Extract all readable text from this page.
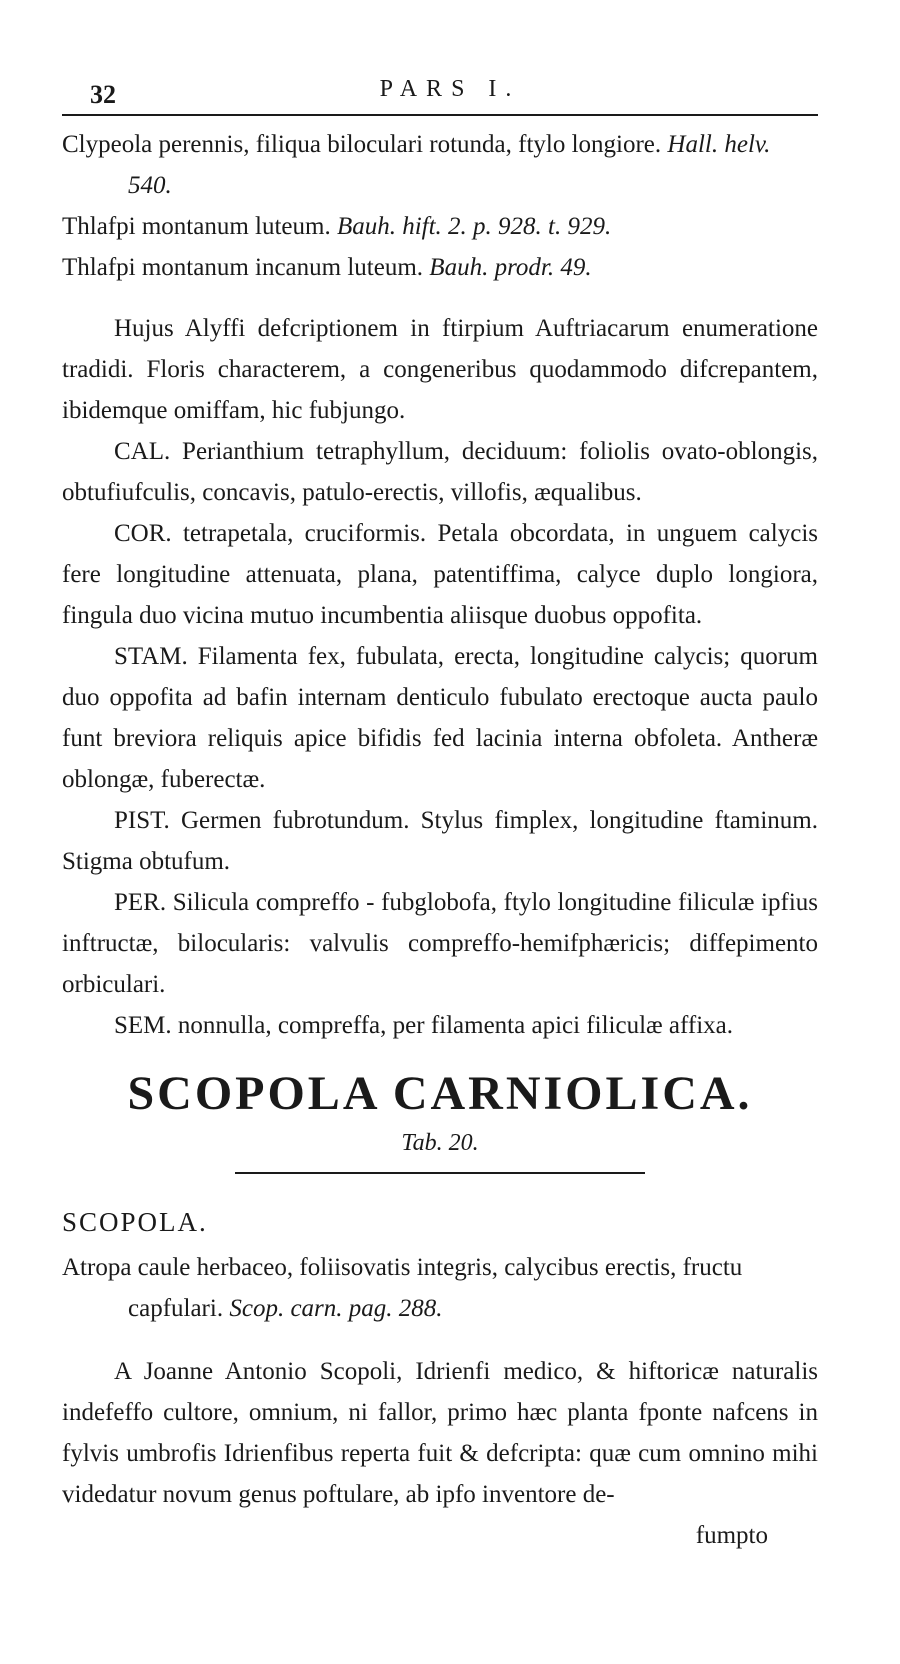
32	PARS I.

Clypeola perennis, filiqua biloculari rotunda, ftylo longiore. Hall. helv. 540.

Thlafpi montanum luteum. Bauh. hift. 2. p. 928. t. 929.

Thlafpi montanum incanum luteum. Bauh. prodr. 49.

Hujus Alyffi defcriptionem in ftirpium Auftriacarum enumeratione tradidi. Floris characterem, a congeneribus quodammodo difcrepantem, ibidemque omiffam, hic fubjungo.

CAL. Perianthium tetraphyllum, deciduum: foliolis ovato-oblongis, obtufiufculis, concavis, patulo-erectis, villofis, æqualibus.

COR. tetrapetala, cruciformis. Petala obcordata, in unguem calycis fere longitudine attenuata, plana, patentiffima, calyce duplo longiora, fingula duo vicina mutuo incumbentia aliisque duobus oppofita.

STAM. Filamenta fex, fubulata, erecta, longitudine calycis; quorum duo oppofita ad bafin internam denticulo fubulato erectoque aucta paulo funt breviora reliquis apice bifidis fed lacinia interna obfoleta. Antheræ oblongæ, fuberectæ.

PIST. Germen fubrotundum. Stylus fimplex, longitudine ftaminum. Stigma obtufum.

PER. Silicula compreffo - fubglobofa, ftylo longitudine filiculæ ipfius inftructæ, bilocularis: valvulis compreffo-hemifphæricis; diffepimento orbiculari.

SEM. nonnulla, compreffa, per filamenta apici filiculæ affixa.

SCOPOLA CARNIOLICA.

Tab. 20.

SCOPOLA.

Atropa caule herbaceo, foliisovatis integris, calycibus erectis, fructu capfulari. Scop. carn. pag. 288.

A Joanne Antonio Scopoli, Idrienfi medico, & hiftoricæ naturalis indefeffo cultore, omnium, ni fallor, primo hæc planta fponte nafcens in fylvis umbrofis Idrienfibus reperta fuit & defcripta: quæ cum omnino mihi videdatur novum genus poftulare, ab ipfo inventore de-

fumpto
